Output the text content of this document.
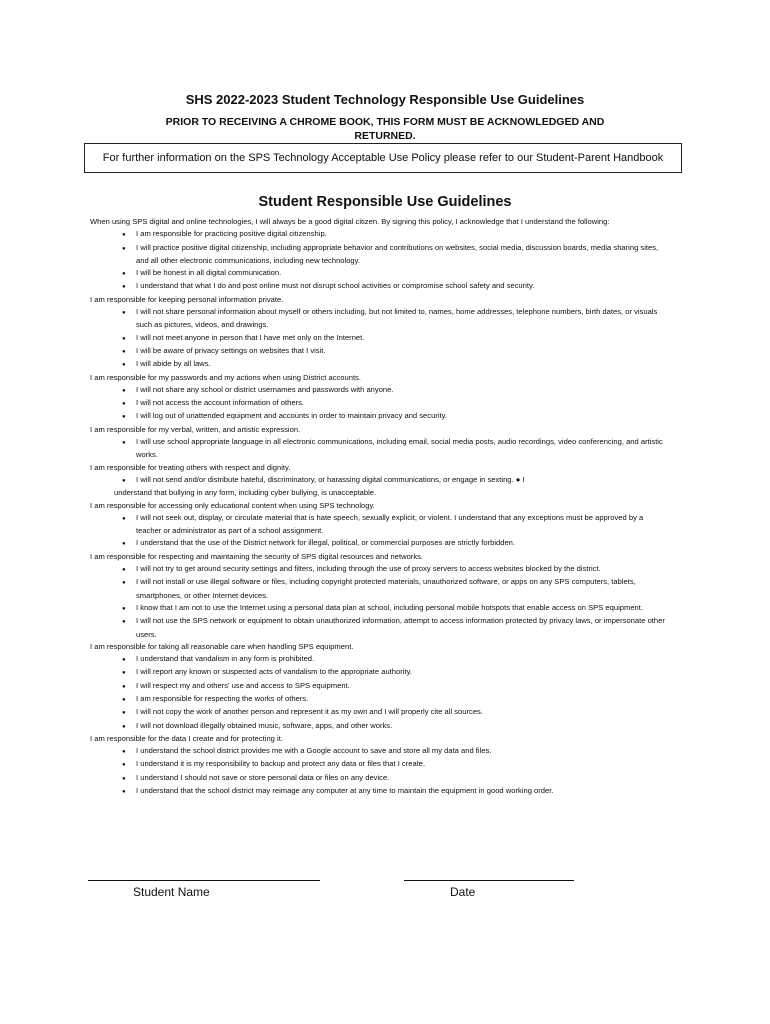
SHS 2022-2023 Student Technology Responsible Use Guidelines
PRIOR TO RECEIVING A CHROME BOOK, THIS FORM MUST BE ACKNOWLEDGED AND RETURNED.
For further information on the SPS Technology Acceptable Use Policy please refer to our Student-Parent Handbook
Student Responsible Use Guidelines

When using SPS digital and online technologies, I will always be a good digital citizen. By signing this policy, I acknowledge that I understand the following:

● I am responsible for practicing positive digital citizenship.
● I will practice positive digital citizenship, including appropriate behavior and contributions on websites, social media, discussion boards, media sharing sites, and all other electronic communications, including new technology.
● I will be honest in all digital communication.
● I understand that what I do and post online must not disrupt school activities or compromise school safety and security.

I am responsible for keeping personal information private.

● I will not share personal information about myself or others including, but not limited to, names, home addresses, telephone numbers, birth dates, or visuals such as pictures, videos, and drawings.
● I will not meet anyone in person that I have met only on the Internet.
● I will be aware of privacy settings on websites that I visit.
● I will abide by all laws.

I am responsible for my passwords and my actions when using District accounts.

● I will not share any school or district usernames and passwords with anyone.
● I will not access the account information of others.
● I will log out of unattended equipment and accounts in order to maintain privacy and security.

I am responsible for my verbal, written, and artistic expression.

● I will use school appropriate language in all electronic communications, including email, social media posts, audio recordings, video conferencing, and artistic works.

I am responsible for treating others with respect and dignity.

● I will not send and/or distribute hateful, discriminatory, or harassing digital communications, or engage in sexting. ● I
understand that bullying in any form, including cyber bullying, is unacceptable.

I am responsible for accessing only educational content when using SPS technology.

● I will not seek out, display, or circulate material that is hate speech, sexually explicit, or violent. I understand that any exceptions must be approved by a teacher or administrator as part of a school assignment.
● I understand that the use of the District network for illegal, political, or commercial purposes are strictly forbidden.

I am responsible for respecting and maintaining the security of SPS digital resources and networks.

● I will not try to get around security settings and filters, including through the use of proxy servers to access websites blocked by the district.
● I will not install or use illegal software or files, including copyright protected materials, unauthorized software, or apps on any SPS computers, tablets, smartphones, or other Internet devices.
● I know that I am not to use the Internet using a personal data plan at school, including personal mobile hotspots that enable access on SPS equipment.
● I will not use the SPS network or equipment to obtain unauthorized information, attempt to access information protected by privacy laws, or impersonate other users.

I am responsible for taking all reasonable care when handling SPS equipment.

● I understand that vandalism in any form is prohibited.
● I will report any known or suspected acts of vandalism to the appropriate authority.
● I will respect my and others' use and access to SPS equipment.
● I am responsible for respecting the works of others.
● I will not copy the work of another person and represent it as my own and I will properly cite all sources.
● I will not download illegally obtained music, software, apps, and other works.

I am responsible for the data I create and for protecting it.

● I understand the school district provides me with a Google account to save and store all my data and files.
● I understand it is my responsibility to backup and protect any data or files that I create.
● I understand I should not save or store personal data or files on any device.
● I understand that the school district may reimage any computer at any time to maintain the equipment in good working order.
Student Name	Date
